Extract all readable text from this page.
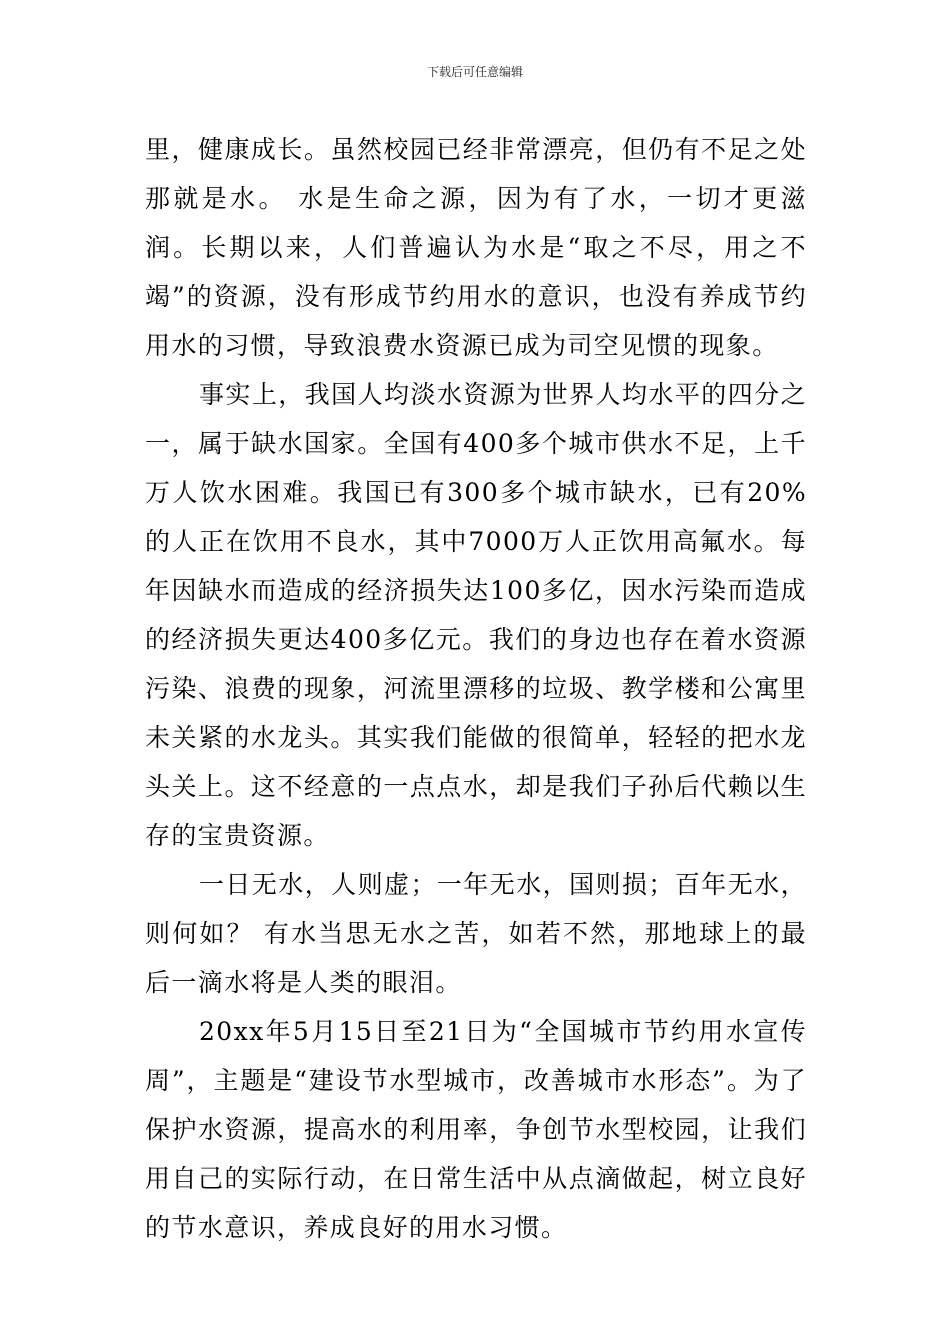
下载后可任意编辑

里，健康成长。虽然校园已经非常漂亮，但仍有不足之处那就是水。 水是生命之源，因为有了水，一切才更滋润。长期以来，人们普遍认为水是“取之不尽，用之不竭”的资源，没有形成节约用水的意识，也没有养成节约用水的习惯，导致浪费水资源已成为司空见惯的现象。

事实上，我国人均淡水资源为世界人均水平的四分之一，属于缺水国家。全国有400多个城市供水不足，上千万人饮水困难。我国已有300多个城市缺水，已有20%的人正在饮用不良水，其中7000万人正饮用高氟水。每年因缺水而造成的经济损失达100多亿，因水污染而造成的经济损失更达400多亿元。我们的身边也存在着水资源污染、浪费的现象，河流里漂移的垃圾、教学楼和公寓里未关紧的水龙头。其实我们能做的很简单，轻轻的把水龙头关上。这不经意的一点点水，却是我们子孙后代赖以生存的宝贵资源。

一日无水，人则虚；一年无水，国则损；百年无水，则何如？ 有水当思无水之苦，如若不然，那地球上的最后一滴水将是人类的眼泪。

20xx年5月15日至21日为“全国城市节约用水宣传周”，主题是“建设节水型城市，改善城市水形态”。为了保护水资源，提高水的利用率，争创节水型校园，让我们用自己的实际行动，在日常生活中从点滴做起，树立良好的节水意识，养成良好的用水习惯。
